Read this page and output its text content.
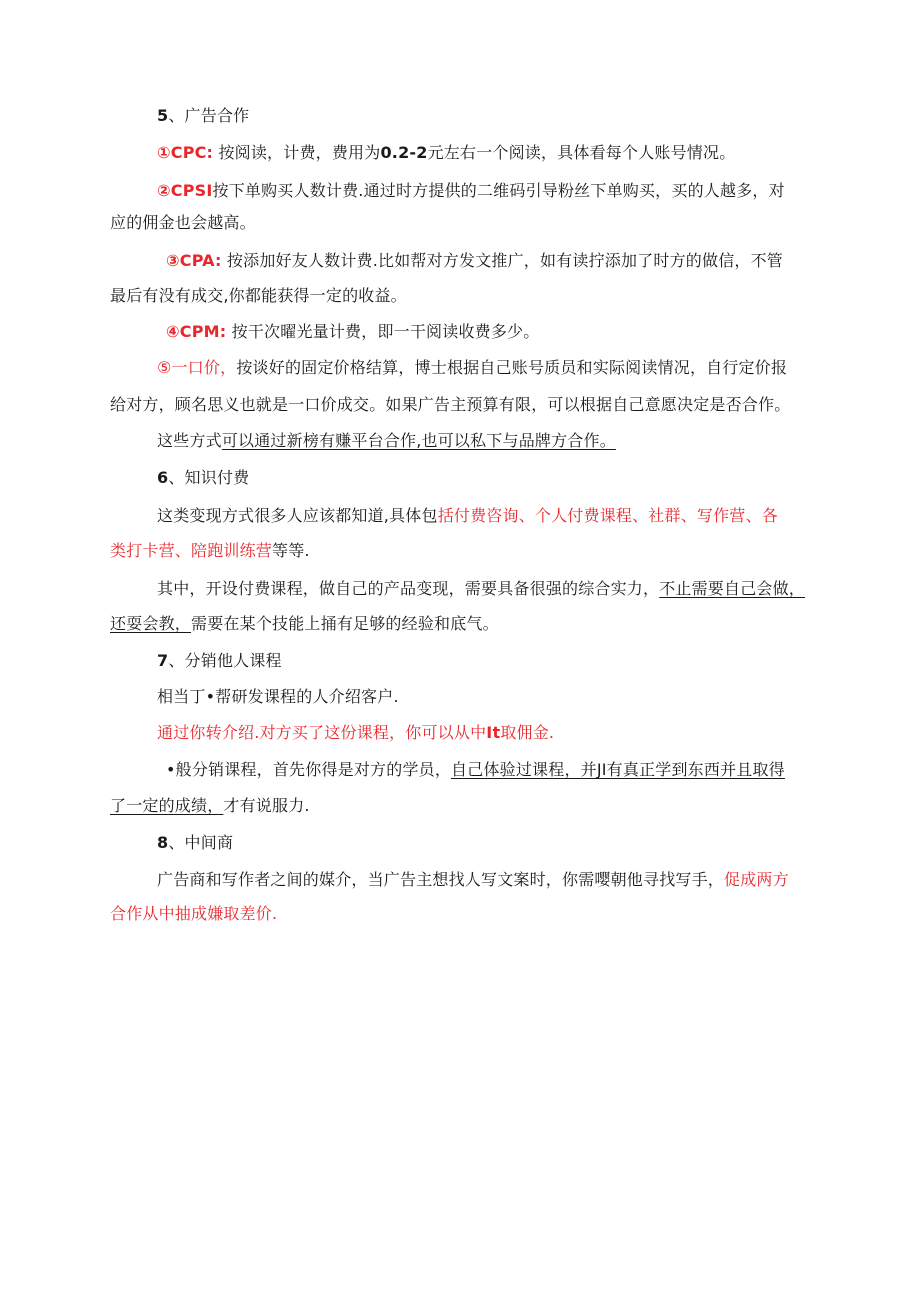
5、广告合作
①CPC: 按阅读，计费，费用为0.2-2元左右一个阅读，具体看每个人账号情况。
②CPSI按下单购买人数计费.通过时方提供的二维码引导粉丝下单购买，买的人越多，对
应的佣金也会越高。
③CPA: 按添加好友人数计费.比如帮对方发文推广，如有读拧添加了时方的做信，不管
最后有没有成交,你都能获得一定的收益。
④CPM: 按干次曜光量计费，即一干阅读收费多少。
⑤一口价，按谈好的固定价格结算，博士根据自己账号质员和实际阅读情况，自行定价报
给对方，顾名思义也就是一口价成交。如果广告主预算有限，可以根据自己意愿决定是否合作。
这些方式可以通过新榜有赚平台合作,也可以私下与品牌方合作。
6、知识付费
这类变现方式很多人应该都知道,具体包括付费咨询、个人付费课程、社群、写作营、各
类打卡营、陪跑训练营等等.
其中，开设付费课程，做自己的产品变现，需要具备很强的综合实力，不止需要自己会做，
还耍会教，需要在某个技能上捅有足够的经验和底气。
7、分销他人课程
相当丁•帮研发课程的人介绍客户.
通过你转介绍.对方买了这份课程，你可以从中It取佣金.
•般分销课程，首先你得是对方的学员，自己体验过课程，并JI有真正学到东西并且取得
了一定的成绩，才有说服力.
8、中间商
广告商和写作者之间的媒介，当广告主想找人写文案时，你需嘤朝他寻找写手，促成两方
合作从中抽成嫌取差价.
